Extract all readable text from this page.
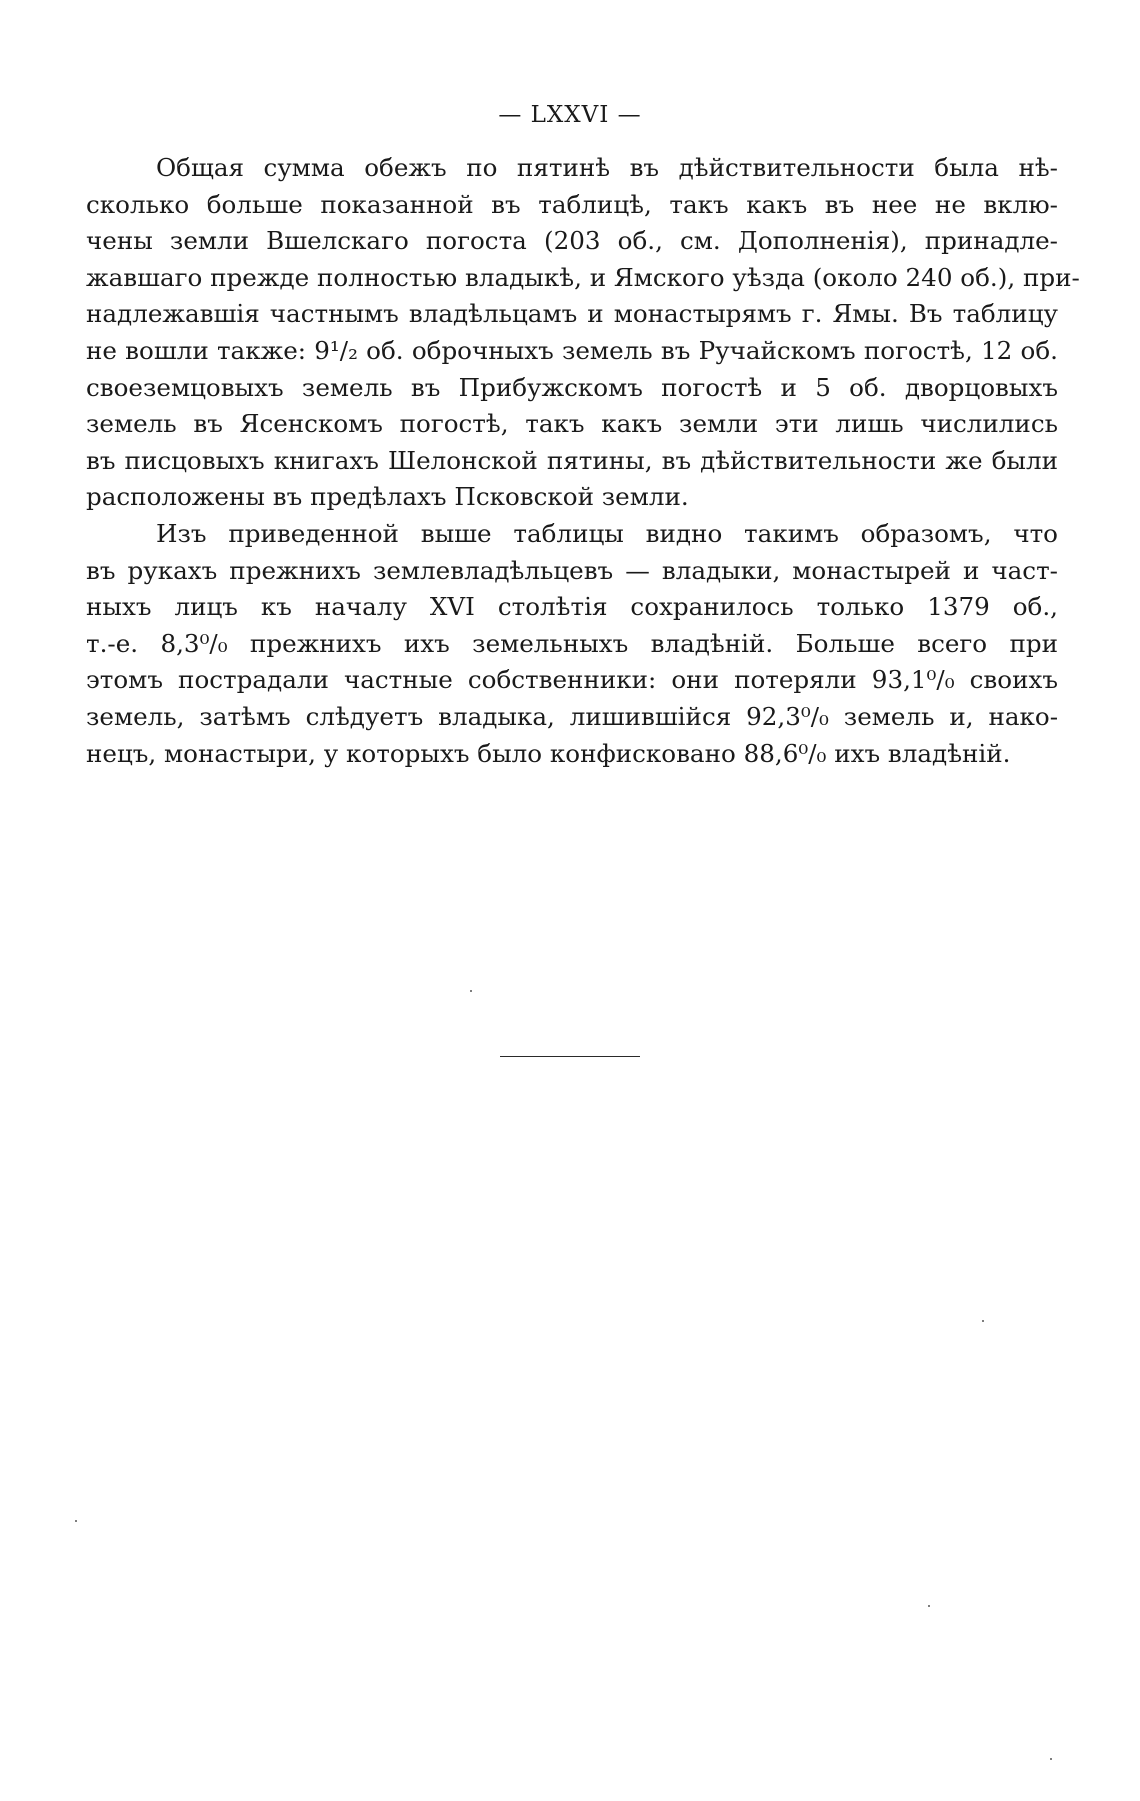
— LXXVI —

Общая сумма обежъ по пятинѣ въ дѣйствительности была нѣ-
сколько больше показанной въ таблицѣ, такъ какъ въ нее не вклю-
чены земли Вшелскаго погоста (203 об., см. Дополненія), принадле-
жавшаго прежде полностью владыкѣ, и Ямского уѣзда (около 240 об.), при-
надлежавшія частнымъ владѣльцамъ и монастырямъ г. Ямы. Въ таблицу
не вошли также: 9¹/₂ об. оброчныхъ земель въ Ручайскомъ погостѣ, 12 об.
своеземцовыхъ земель въ Прибужскомъ погостѣ и 5 об. дворцовыхъ
земель въ Ясенскомъ погостѣ, такъ какъ земли эти лишь числились
въ писцовыхъ книгахъ Шелонской пятины, въ дѣйствительности же были
расположены въ предѣлахъ Псковской земли.
Изъ приведенной выше таблицы видно такимъ образомъ, что
въ рукахъ прежнихъ землевладѣльцевъ — владыки, монастырей и част-
ныхъ лицъ къ началу XVI столѣтія сохранилось только 1379 об.,
т.-е. 8,3⁰/₀ прежнихъ ихъ земельныхъ владѣній. Больше всего при
этомъ пострадали частные собственники: они потеряли 93,1⁰/₀ своихъ
земель, затѣмъ слѣдуетъ владыка, лишившійся 92,3⁰/₀ земель и, нако-
нецъ, монастыри, у которыхъ было конфисковано 88,6⁰/₀ ихъ владѣній.
